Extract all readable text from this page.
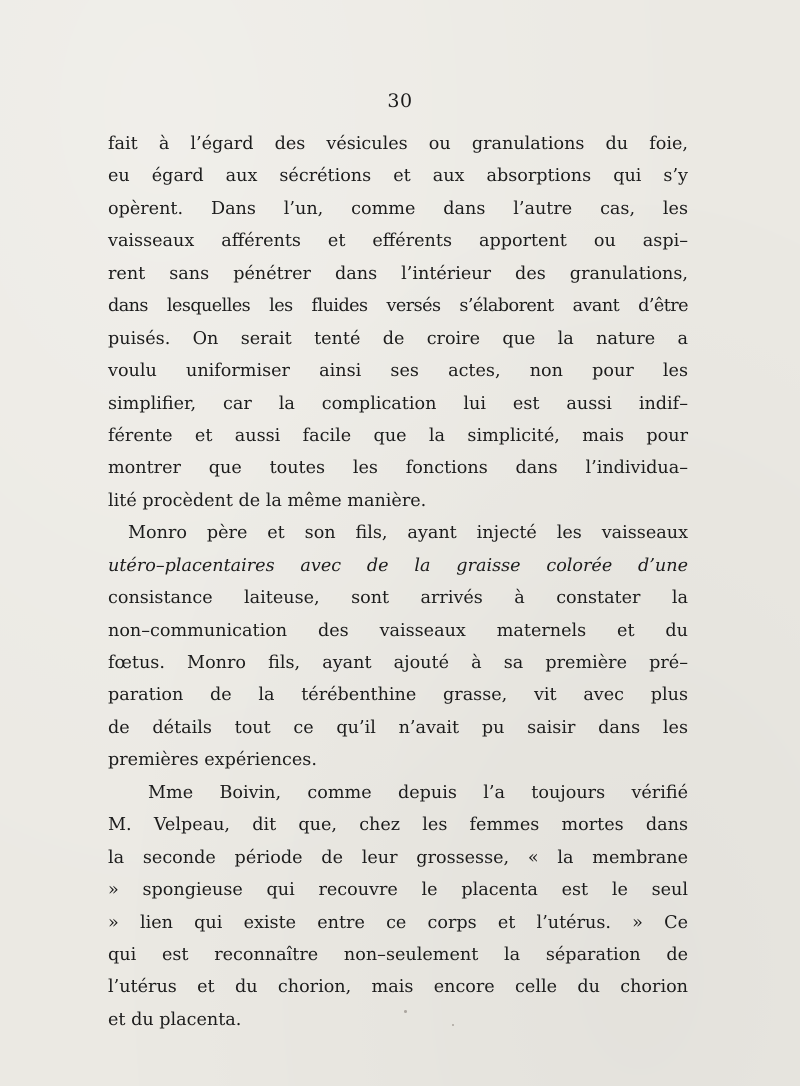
30
fait à l’égard des vésicules ou granulations du foie,
eu égard aux sécrétions et aux absorptions qui s’y
opèrent. Dans l’un, comme dans l’autre cas, les
vaisseaux afférents et efférents apportent ou aspi–
rent sans pénétrer dans l’intérieur des granulations,
dans lesquelles les fluides versés s’élaborent avant d’être
puisés. On serait tenté de croire que la nature a
voulu uniformiser ainsi ses actes, non pour les
simplifier, car la complication lui est aussi indif–
férente et aussi facile que la simplicité, mais pour
montrer que toutes les fonctions dans l’individua–
lité procèdent de la même manière.
Monro père et son fils, ayant injecté les vaisseaux
utéro–placentaires avec de la graisse colorée d’une
consistance laiteuse, sont arrivés à constater la
non–communication des vaisseaux maternels et du
fœtus. Monro fils, ayant ajouté à sa première pré–
paration de la térébenthine grasse, vit avec plus
de détails tout ce qu’il n’avait pu saisir dans les
premières expériences.
Mme Boivin, comme depuis l’a toujours vérifié
M. Velpeau, dit que, chez les femmes mortes dans
la seconde période de leur grossesse, « la membrane
» spongieuse qui recouvre le placenta est le seul
» lien qui existe entre ce corps et l’utérus. » Ce
qui est reconnaître non–seulement la séparation de
l’utérus et du chorion, mais encore celle du chorion
et du placenta.
